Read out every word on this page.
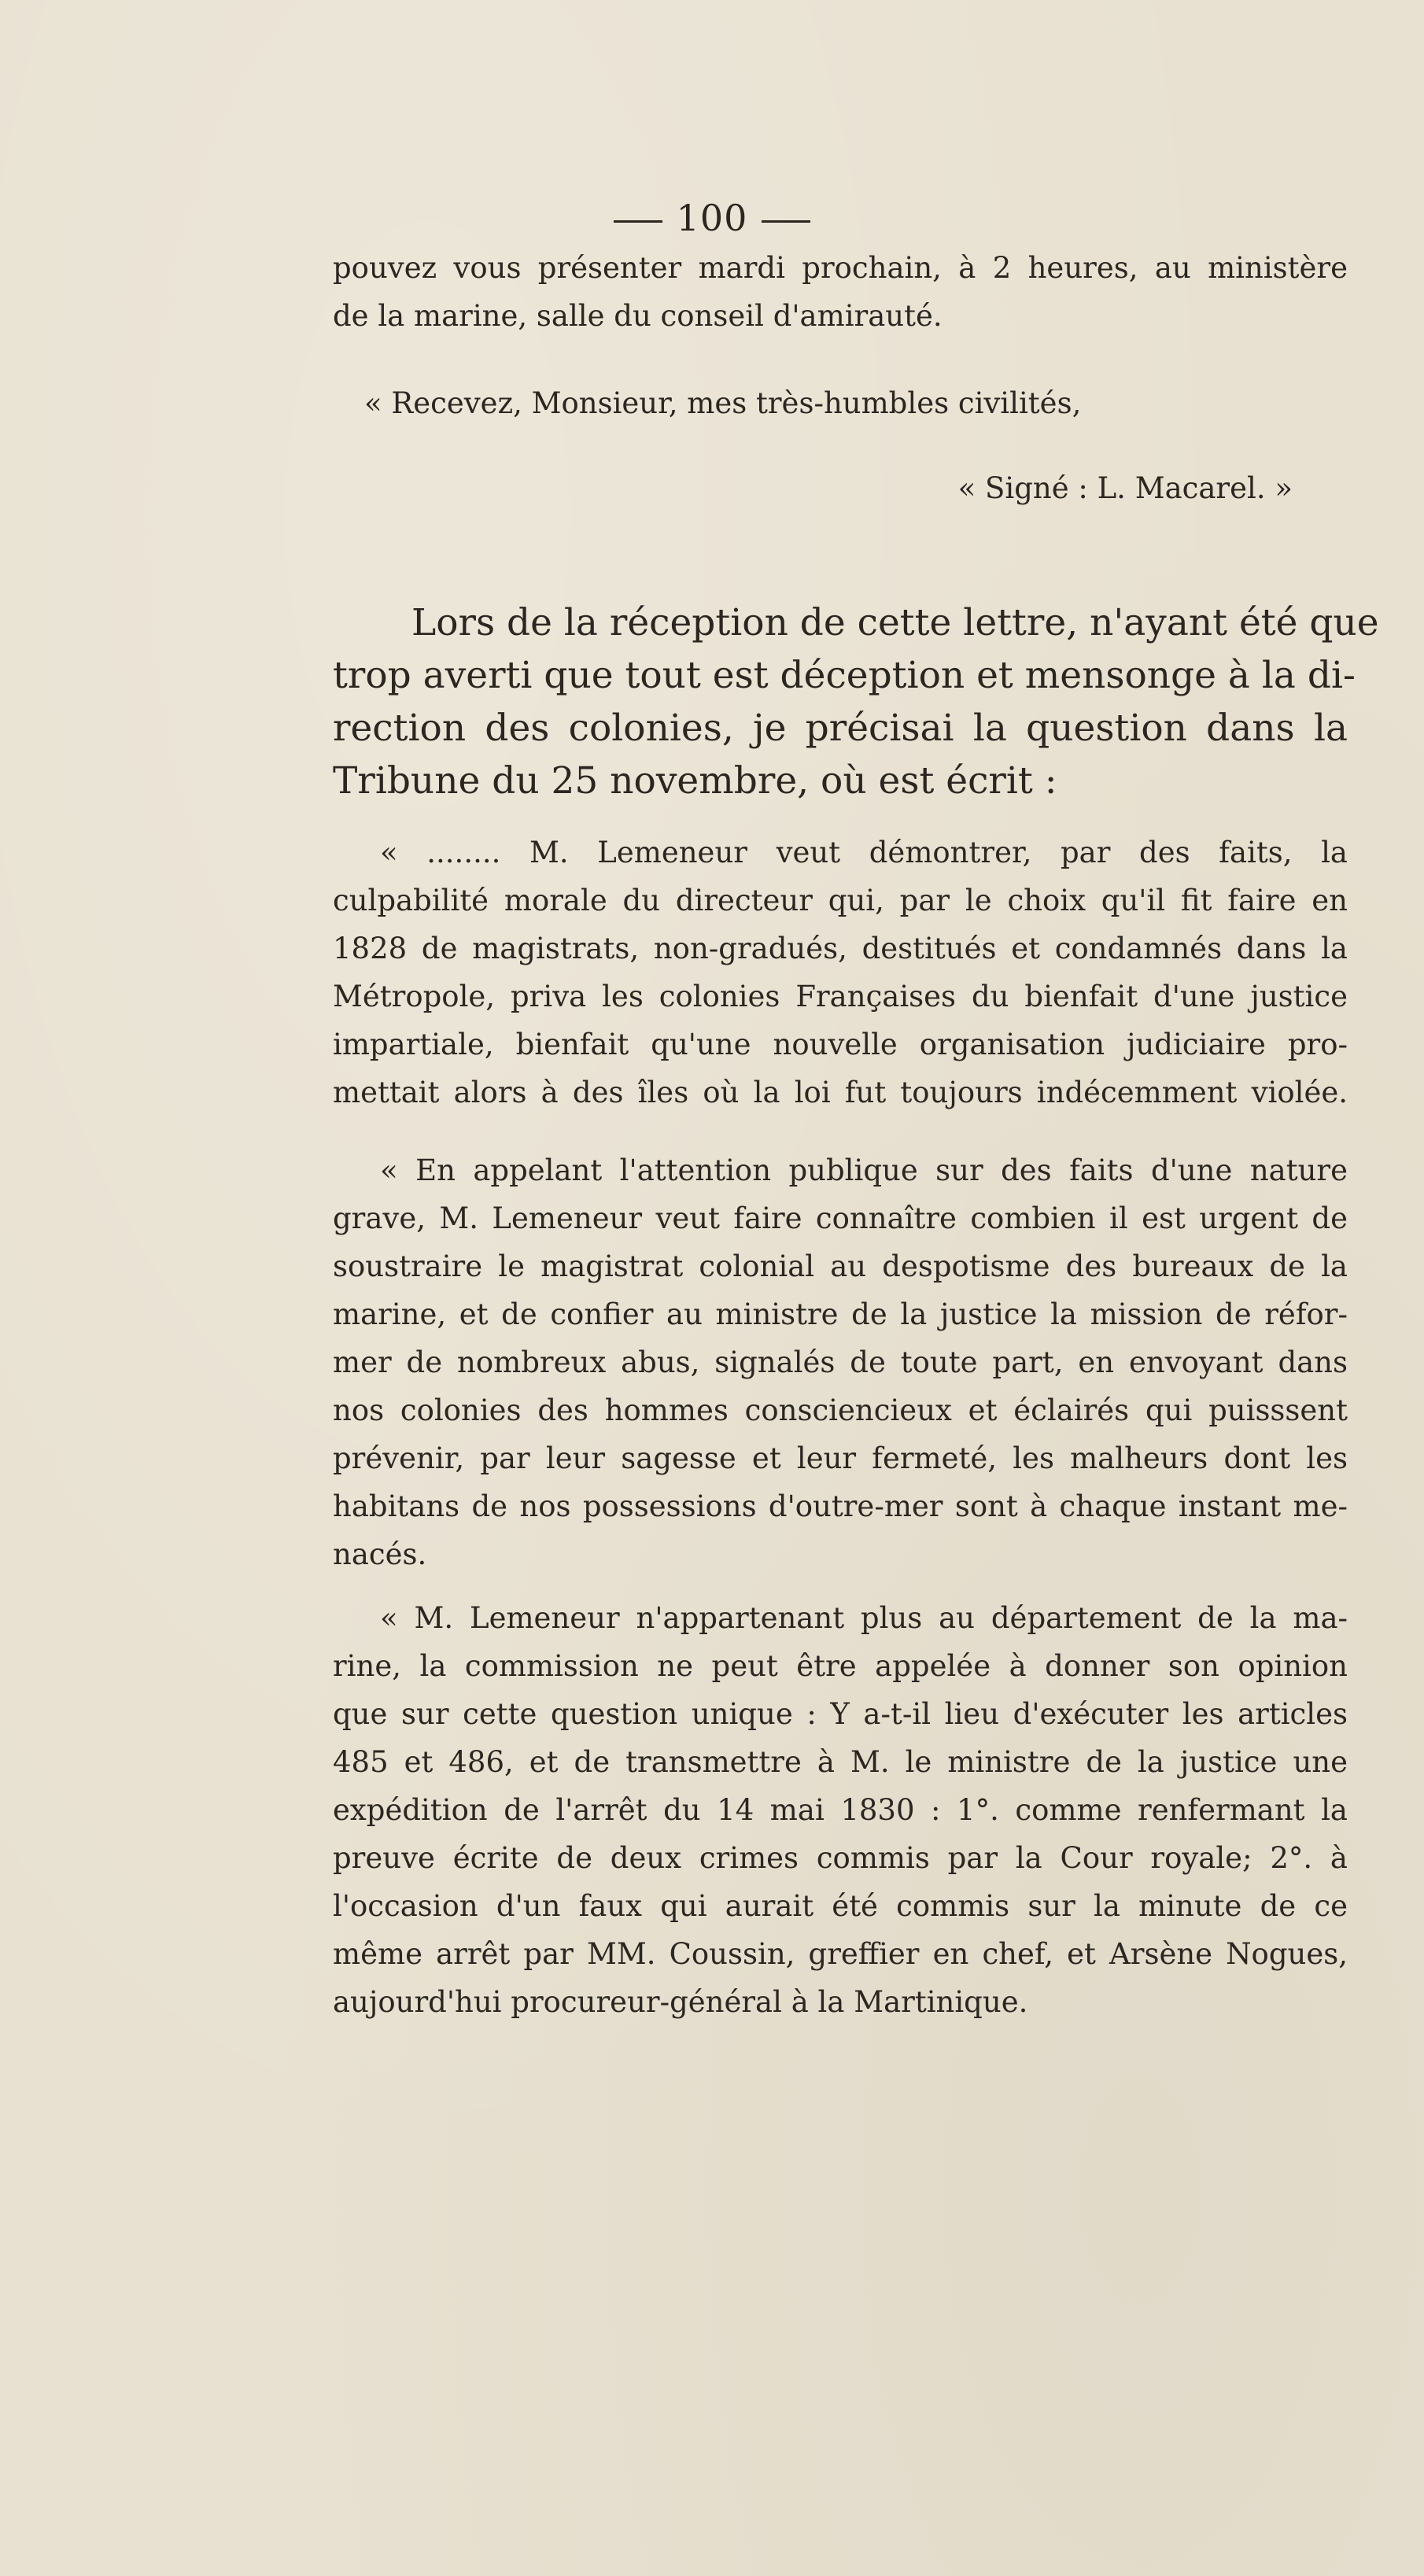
100
pouvez vous présenter mardi prochain, à 2 heures, au ministère
de la marine, salle du conseil d'amirauté.
« Recevez, Monsieur, mes très-humbles civilités,
« Signé : L. Macarel. »
Lors de la réception de cette lettre, n'ayant été que
trop averti que tout est déception et mensonge à la di-
rection des colonies, je précisai la question dans la
Tribune du 25 novembre, où est écrit :
« ........ M. Lemeneur veut démontrer, par des faits, la
culpabilité morale du directeur qui, par le choix qu'il fit faire en
1828 de magistrats, non-gradués, destitués et condamnés dans la
Métropole, priva les colonies Françaises du bienfait d'une justice
impartiale, bienfait qu'une nouvelle organisation judiciaire pro-
mettait alors à des îles où la loi fut toujours indécemment violée.
« En appelant l'attention publique sur des faits d'une nature
grave, M. Lemeneur veut faire connaître combien il est urgent de
soustraire le magistrat colonial au despotisme des bureaux de la
marine, et de confier au ministre de la justice la mission de réfor-
mer de nombreux abus, signalés de toute part, en envoyant dans
nos colonies des hommes consciencieux et éclairés qui puisssent
prévenir, par leur sagesse et leur fermeté, les malheurs dont les
habitans de nos possessions d'outre-mer sont à chaque instant me-
nacés.
« M. Lemeneur n'appartenant plus au département de la ma-
rine, la commission ne peut être appelée à donner son opinion
que sur cette question unique : Y a-t-il lieu d'exécuter les articles
485 et 486, et de transmettre à M. le ministre de la justice une
expédition de l'arrêt du 14 mai 1830 : 1°. comme renfermant la
preuve écrite de deux crimes commis par la Cour royale; 2°. à
l'occasion d'un faux qui aurait été commis sur la minute de ce
même arrêt par MM. Coussin, greffier en chef, et Arsène Nogues,
aujourd'hui procureur-général à la Martinique.
